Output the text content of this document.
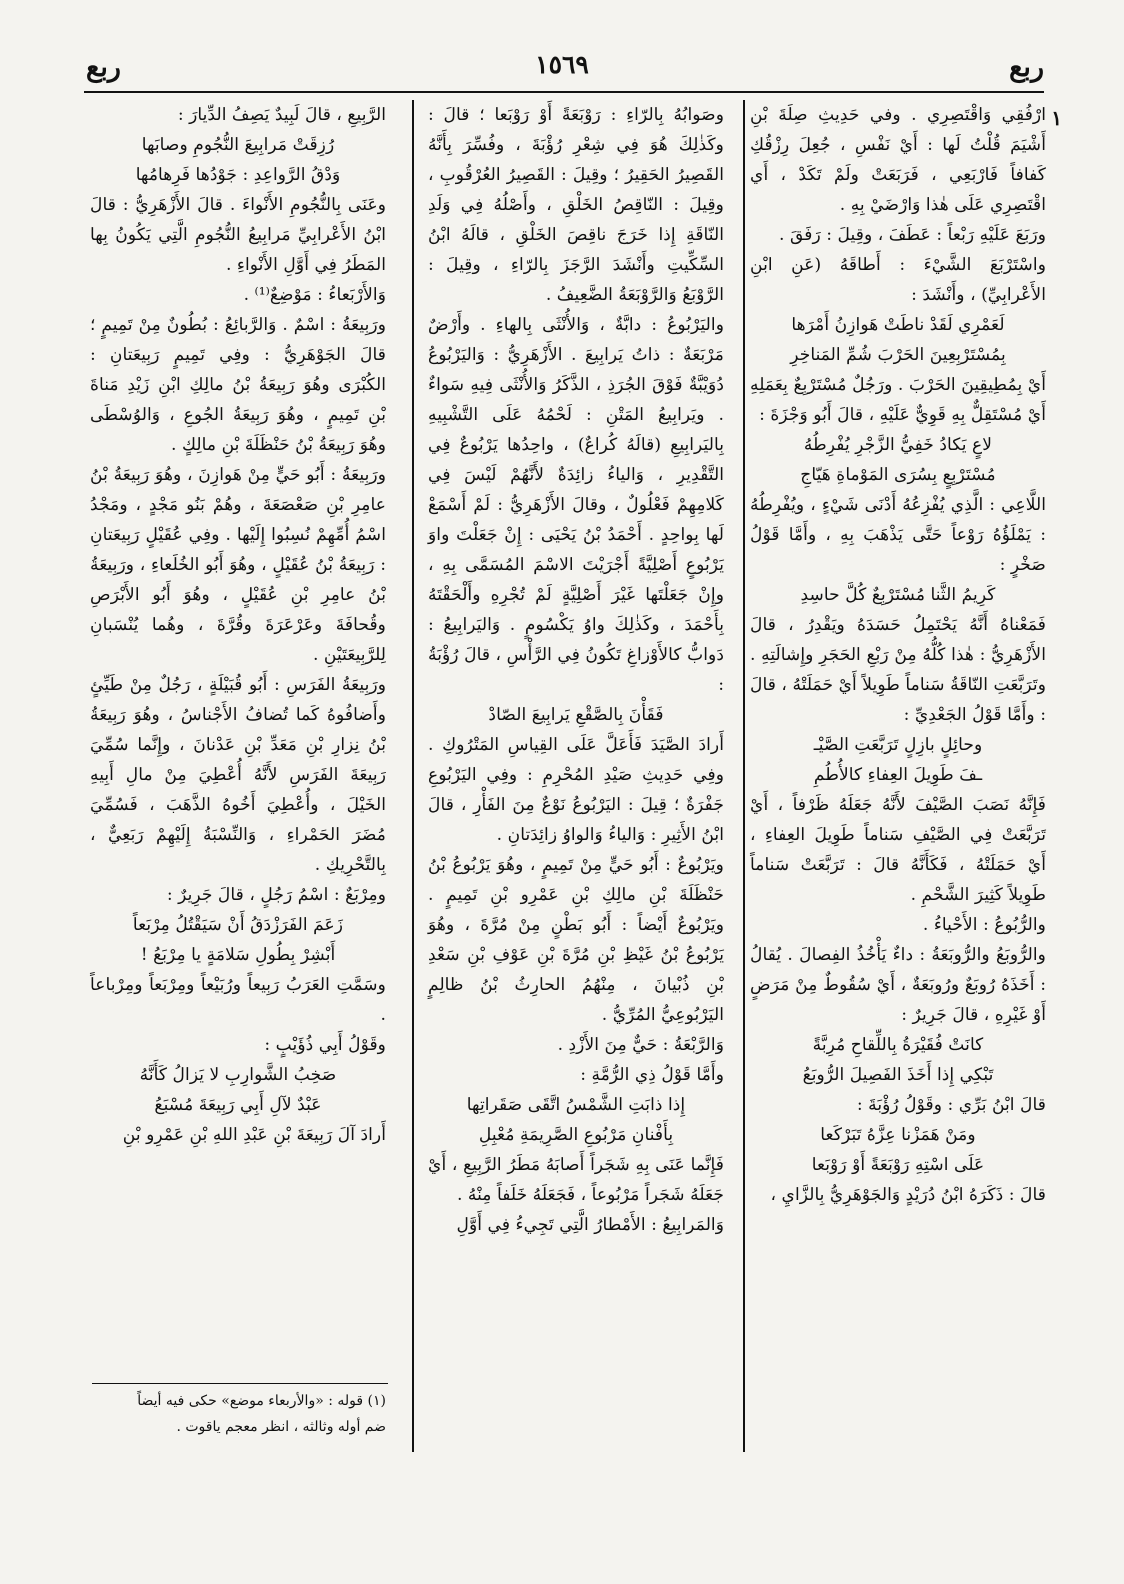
ربع
١٥٦٩
ربع
١

ارْفُقِي وَاقْتَصِرِي . وفي حَدِيثِ صِلَةَ بْنِ أَشْيَمَ قُلْتُ لَها : أَيْ نَفْسِ ، جُعِلَ رِزْقُكِ كَفافاً فَارْبَعِي ، فَرَبَعَتْ ولَمْ تَكَدْ ، أَي اقْتَصِرِي عَلَى هٰذا وَارْضَيْ بِهِ .

ورَبَعَ عَلَيْهِ رَبْعاً : عَطَفَ ، وقِيلَ : رَفَقَ .

واسْتَرْبَعَ الشَّيْءَ : أَطاقَهُ (عَنِ ابْنِ الأَعْرابِيِّ) ، وأَنْشَدَ :

لَعَمْرِي لَقَدْ ناطَتْ هَوازِنُ أَمْرَها

بِمُسْتَرْبِعِينَ الحَرْبَ شُمِّ المَناخِرِ

أَيْ بِمُطِيقِينَ الحَرْبَ . ورَجُلٌ مُسْتَرْبِعٌ بِعَمَلِهِ أَيْ مُسْتَقِلٌّ بِهِ قَوِيٌّ عَلَيْهِ ، قالَ أَبُو وَجْزَةَ :

لاعٍ يَكادُ خَفِيُّ الزَّجْرِ يُفْرِطُهُ

مُسْتَرْبِعٍ بِسُرَى المَوْماةِ هَيّاجِ

اللَّاعِي : الَّذِي يُفْزِعُهُ أَدْنَى شَيْءٍ ، ويُفْرِطُهُ : يَمْلَؤُهُ رَوْعاً حَتَّى يَذْهَبَ بِهِ ، وأَمَّا قَوْلُ صَخْرٍ :

كَرِيمُ الثَّنا مُسْتَرْبِعٌ كُلَّ حاسِدِ

فَمَعْناهُ أَنَّهُ يَحْتَمِلُ حَسَدَهُ ويَقْدِرُ ، قالَ الأَزْهَرِيُّ : هٰذا كُلُّهُ مِنْ رَبْعِ الحَجَرِ وإِشالَتِهِ . وتَرَبَّعَتِ النّاقَةُ سَناماً طَوِيلاً أَيْ حَمَلَتْهُ ، قالَ : وأَمَّا قَوْلُ الجَعْدِيِّ :

وحائِلٍ بازِلٍ تَرَبَّعَتِ الصَّيْـ

ـفَ طَوِيلَ العِفاءِ كالأُطُمِ

فَإِنَّهُ نَصَبَ الصَّيْفَ لأَنَّهُ جَعَلَهُ ظَرْفاً ، أَيْ تَرَبَّعَتْ فِي الصَّيْفِ سَناماً طَوِيلَ العِفاءِ ، أَيْ حَمَلَتْهُ ، فَكَأَنَّهُ قالَ : تَرَبَّعَتْ سَناماً طَوِيلاً كَثِيرَ الشَّحْمِ .

والرُّبُوعُ : الأَحْياءُ .

والرُّوبَعُ والرُّوبَعَةُ : داءٌ يَأْخُذُ الفِصالَ . يُقالُ : أَخَذَهُ رُوبَعٌ ورُوبَعَةٌ ، أَيْ سُقُوطٌ مِنْ مَرَضٍ أَوْ غَيْرِهِ ، قالَ جَرِيرٌ :

كانَتْ فُقَيْرَةُ بِاللِّقاحِ مُرِبَّةً

تَبْكِي إِذا أَخَذَ الفَصِيلَ الرُّوبَعُ

قالَ ابْنُ بَرِّي : وقَوْلُ رُؤْبَةَ :

ومَنْ هَمَزْنا عِزَّهُ تَبَرْكَعا

عَلَى اسْتِهِ رَوْبَعَةً أَوْ رَوْبَعا

قالَ : ذَكَرَهُ ابْنُ دُرَيْدٍ وَالجَوْهَرِيُّ بِالزَّايِ ،

وصَوابُهُ بِالرّاءِ : رَوْبَعَةً أَوْ رَوْبَعا ؛ قالَ : وكَذٰلِكَ هُوَ فِي شِعْرِ رُؤْبَةَ ، وفُسِّرَ بِأَنَّهُ القَصِيرُ الحَقِيرُ ؛ وقِيلَ : القَصِيرُ العُرْقُوبِ ، وقِيلَ : النّاقِصُ الخَلْقِ ، وأَصْلُهُ فِي وَلَدِ النّاقَةِ إِذا خَرَجَ ناقِصَ الخَلْقِ ، قالَهُ ابْنُ السِّكِّيتِ وأَنْشَدَ الرَّجَزَ بِالرّاءِ ، وقِيلَ : الرَّوْبَعُ وَالرَّوْبَعَةُ الضَّعِيفُ .

واليَرْبُوعُ : دابَّةٌ ، وَالأُنْثَى بِالهاءِ . وأَرْضٌ مَرْبَعَةٌ : ذاتُ يَرابِيعَ . الأَزْهَرِيُّ : وَاليَرْبُوعُ دُوَيْبَّةٌ فَوْقَ الجُرَذِ ، الذَّكَرُ وَالأُنْثَى فِيهِ سَواءٌ . ويَرابِيعُ المَتْنِ : لَحْمُهُ عَلَى التَّشْبِيهِ بِاليَرابِيعِ (قالَهُ كُراعٌ) ، واحِدُها يَرْبُوعٌ فِي التَّقْدِيرِ ، وَالياءُ زائِدَةٌ لأَنَّهُمْ لَيْسَ فِي كَلامِهِمْ فَعْلُولٌ ، وقالَ الأَزْهَرِيُّ : لَمْ أَسْمَعْ لَها بِواحِدٍ . أَحْمَدُ بْنُ يَحْيَى : إِنْ جَعَلْتَ واوَ يَرْبُوعٍ أَصْلِيَّةً أَجْرَيْتَ الاسْمَ المُسَمَّى بِهِ ، وإِنْ جَعَلْتَها غَيْرَ أَصْلِيَّةٍ لَمْ تُجْرِهِ وأَلْحَقْتَهُ بِأَحْمَدَ ، وكَذٰلِكَ واوُ يَكْسُومٍ . وَاليَرابِيعُ : دَوابُّ كالأَوْزاغِ تَكُونُ فِي الرَّأْسِ ، قالَ رُؤْبَةُ :

فَقَأْنَ بِالصَّقْعِ يَرابِيعَ الصّادْ

أَرادَ الصَّيَدَ فَأَعَلَّ عَلَى القِياسِ المَتْرُوكِ . وفِي حَدِيثِ صَيْدِ المُحْرِمِ : وفِي اليَرْبُوعِ جَفْرَةٌ ؛ قِيلَ : اليَرْبُوعُ نَوْعٌ مِنَ الفَأْرِ ، قالَ ابْنُ الأَثِيرِ : وَالياءُ وَالواوُ زائِدَتانِ .

ويَرْبُوعٌ : أَبُو حَيٍّ مِنْ تَمِيمٍ ، وهُوَ يَرْبُوعُ بْنُ حَنْظَلَةَ بْنِ مالِكِ بْنِ عَمْرِو بْنِ تَمِيمٍ . ويَرْبُوعٌ أَيْضاً : أَبُو بَطْنٍ مِنْ مُرَّةَ ، وهُوَ يَرْبُوعُ بْنُ غَيْظِ بْنِ مُرَّةَ بْنِ عَوْفِ بْنِ سَعْدِ بْنِ ذُبْيانَ ، مِنْهُمُ الحارِثُ بْنُ ظالِمٍ اليَرْبُوعِيُّ المُرِّيُّ .

وَالرَّبْعَةُ : حَيٌّ مِنَ الأَزْدِ .

وأَمَّا قَوْلُ ذِي الرُّمَّةِ :

إِذا ذابَتِ الشَّمْسُ اتَّقَى صَقَراتِها

بِأَفْنانِ مَرْبُوعِ الصَّرِيمَةِ مُعْبِلِ

فَإِنَّما عَنَى بِهِ شَجَراً أَصابَهُ مَطَرُ الرَّبِيعِ ، أَيْ جَعَلَهُ شَجَراً مَرْبُوعاً ، فَجَعَلَهُ خَلَفاً مِنْهُ .

وَالمَرابِيعُ : الأَمْطارُ الَّتِي تَجِيءُ فِي أَوَّلِ

الرَّبِيعِ ، قالَ لَبِيدٌ يَصِفُ الدِّيارَ :

رُزِقَتْ مَرابِيعَ النُّجُومِ وصابَها

وَدْقُ الرَّواعِدِ : جَوْدُها فَرِهامُها

وعَنَى بِالنُّجُومِ الأَنْواءَ . قالَ الأَزْهَرِيُّ : قالَ ابْنُ الأَعْرابِيِّ مَرابِيعُ النُّجُومِ الَّتِي يَكُونُ بِها المَطَرُ فِي أَوَّلِ الأَنْواءِ .

وَالأَرْبَعاءُ : مَوْضِعٌ⁽¹⁾ .

ورَبِيعَةُ : اسْمٌ . وَالرَّبائِعُ : بُطُونٌ مِنْ تَمِيمٍ ؛ قالَ الجَوْهَرِيُّ : وفِي تَمِيمٍ رَبِيعَتانِ : الكُبْرَى وهُوَ رَبِيعَةُ بْنُ مالِكِ ابْنِ زَيْدِ مَناةَ بْنِ تَمِيمٍ ، وهُوَ رَبِيعَةُ الجُوعِ ، وَالوُسْطَى وهُوَ رَبِيعَةُ بْنُ حَنْظَلَةَ بْنِ مالِكٍ .

ورَبِيعَةُ : أَبُو حَيٍّ مِنْ هَوازِنَ ، وهُوَ رَبِيعَةُ بْنُ عامِرِ بْنِ صَعْصَعَةَ ، وهُمْ بَنُو مَجْدٍ ، ومَجْدُ اسْمُ أُمِّهِمْ نُسِبُوا إِلَيْها . وفِي عُقَيْلٍ رَبِيعَتانِ : رَبِيعَةُ بْنُ عُقَيْلٍ ، وهُوَ أَبُو الخُلَعاءِ ، ورَبِيعَةُ بْنُ عامِرِ بْنِ عُقَيْلٍ ، وهُوَ أَبُو الأَبْرَصِ وقُحافَةَ وعَرْعَرَةَ وقُرَّةَ ، وهُما يُنْسَبانِ لِلرَّبِيعَتَيْنِ .

ورَبِيعَةُ الفَرَسِ : أَبُو قُبَيْلَةٍ ، رَجُلٌ مِنْ طَيِّئٍ وأَضافُوهُ كَما تُضافُ الأَجْناسُ ، وهُوَ رَبِيعَةُ بْنُ نِزارِ بْنِ مَعَدِّ بْنِ عَدْنانَ ، وإِنَّما سُمِّيَ رَبِيعَةَ الفَرَسِ لأَنَّهُ أُعْطِيَ مِنْ مالِ أَبِيهِ الخَيْلَ ، وأُعْطِيَ أَخُوهُ الذَّهَبَ ، فَسُمِّيَ مُضَرَ الحَمْراءِ ، وَالنِّسْبَةُ إِلَيْهِمْ رَبَعِيٌّ ، بِالتَّحْرِيكِ .

ومِرْبَعٌ : اسْمُ رَجُلٍ ، قالَ جَرِيرٌ :

زَعَمَ الفَرَزْدَقُ أَنْ سَيَقْتُلُ مِرْبَعاً

أَبْشِرْ بِطُولِ سَلامَةٍ يا مِرْبَعُ !

وسَمَّتِ العَرَبُ رَبِيعاً ورُبَيْعاً ومِرْبَعاً ومِرْباعاً .

وقَوْلُ أَبِي ذُؤَيْبٍ :

صَخِبُ الشَّوارِبِ لا يَزالُ كَأَنَّهُ

عَبْدٌ لآلِ أَبِي رَبِيعَةَ مُسْبَعُ

أَرادَ آلَ رَبِيعَةَ بْنِ عَبْدِ اللهِ بْنِ عَمْرِو بْنِ

(١) قوله : «والأربعاء موضع» حكى فيه أيضاً
ضم أوله وثالثه ، انظر معجم ياقوت .
